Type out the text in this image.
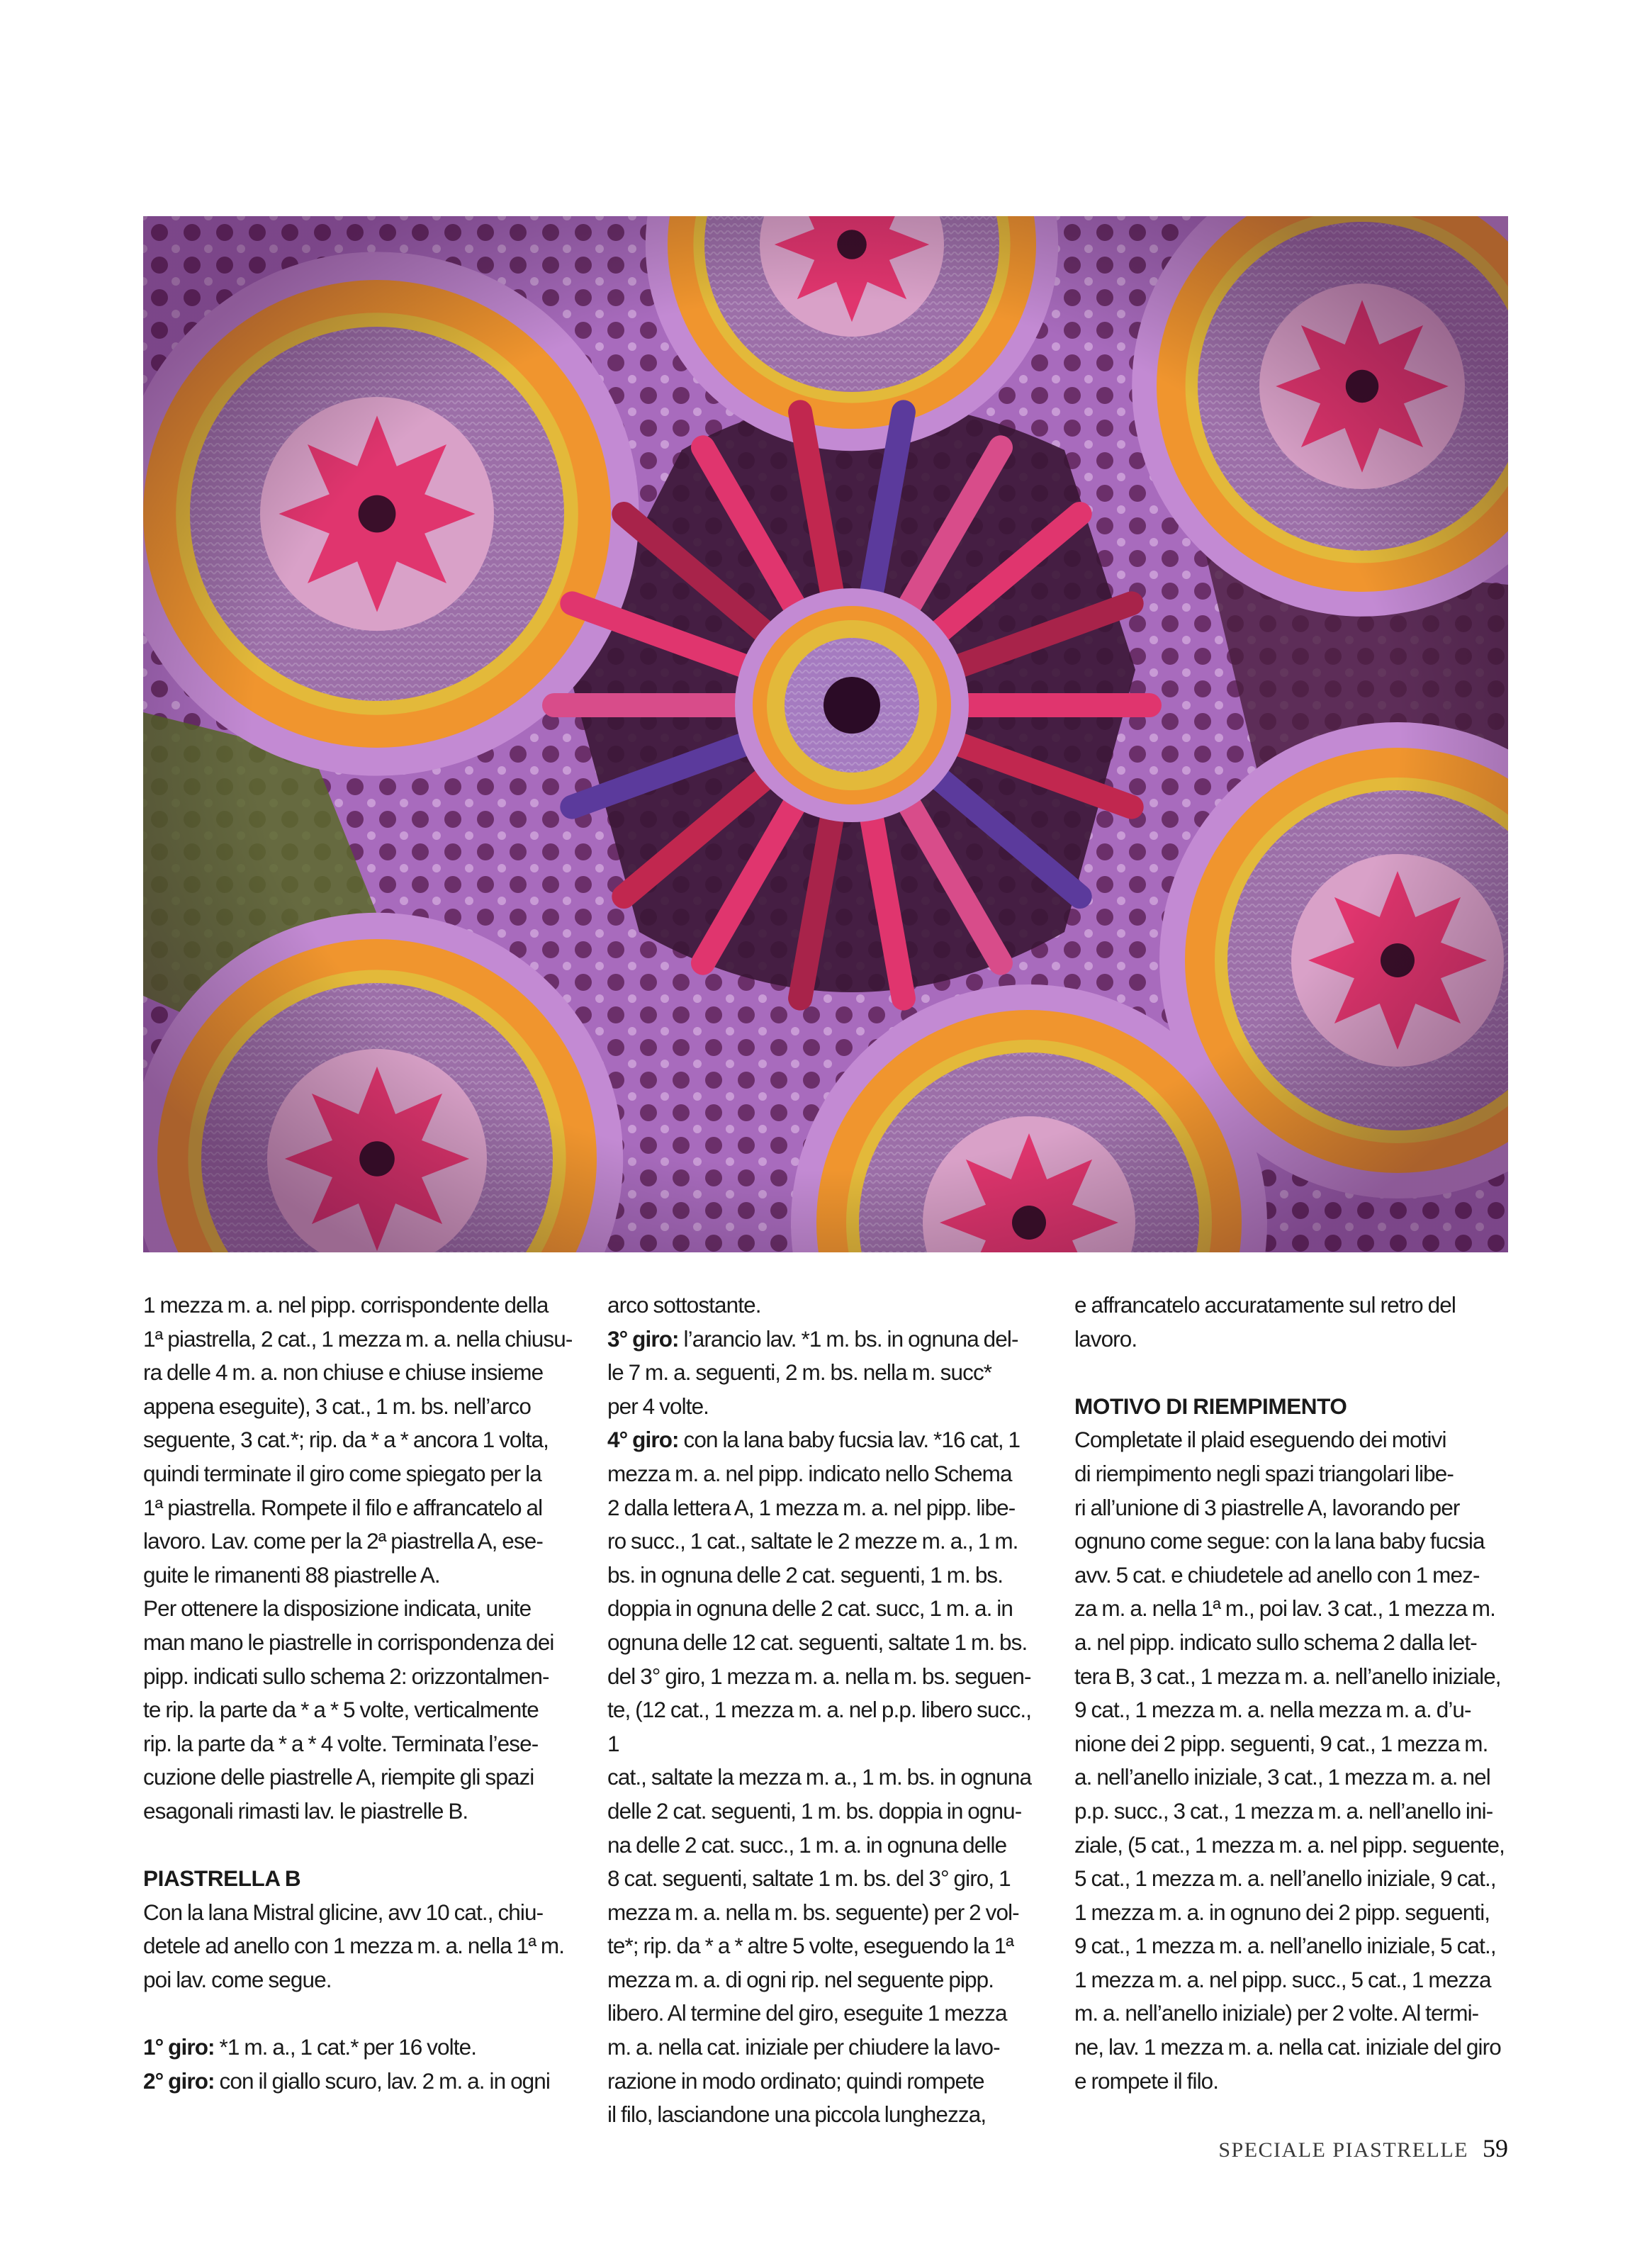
1 mezza m. a. nel pipp. corrispondente della

1ª piastrella, 2 cat., 1 mezza m. a. nella chiusu-

ra delle 4 m. a. non chiuse e chiuse insieme

appena eseguite), 3 cat., 1 m. bs. nell’arco

seguente, 3 cat.*; rip. da * a * ancora 1 volta,

quindi terminate il giro come spiegato per la

1ª piastrella. Rompete il filo e affrancatelo al

lavoro. Lav. come per la 2ª piastrella A, ese-

guite le rimanenti 88 piastrelle A.

Per ottenere la disposizione indicata, unite

man mano le piastrelle in corrispondenza dei

pipp. indicati sullo schema 2: orizzontalmen-

te rip. la parte da * a * 5 volte, verticalmente

rip. la parte da * a * 4 volte. Terminata l’ese-

cuzione delle piastrelle A, riempite gli spazi

esagonali rimasti lav. le piastrelle B.

PIASTRELLA B

Con la lana Mistral glicine, avv 10 cat., chiu-

detele ad anello con 1 mezza m. a. nella 1ª m.

poi lav. come segue.

1° giro: *1 m. a., 1 cat.* per 16 volte.

2° giro: con il giallo scuro, lav. 2 m. a. in ogni

arco sottostante.

3° giro: l’arancio lav. *1 m. bs. in ognuna del-

le 7 m. a. seguenti, 2 m. bs. nella m. succ*

per 4 volte.

4° giro: con la lana baby fucsia lav. *16 cat, 1

mezza m. a. nel pipp. indicato nello Schema

2 dalla lettera A, 1 mezza m. a. nel pipp. libe-

ro succ., 1 cat., saltate le 2 mezze m. a., 1 m.

bs. in ognuna delle 2 cat. seguenti, 1 m. bs.

doppia in ognuna delle 2 cat. succ, 1 m. a. in

ognuna delle 12 cat. seguenti, saltate 1 m. bs.

del 3° giro, 1 mezza m. a. nella m. bs. seguen-

te, (12 cat., 1 mezza m. a. nel p.p. libero succ., 1

cat., saltate la mezza m. a., 1 m. bs. in ognuna

delle 2 cat. seguenti, 1 m. bs. doppia in ognu-

na delle 2 cat. succ., 1 m. a. in ognuna delle

8 cat. seguenti, saltate 1 m. bs. del 3° giro, 1

mezza m. a. nella m. bs. seguente) per 2 vol-

te*; rip. da * a * altre 5 volte, eseguendo la 1ª

mezza m. a. di ogni rip. nel seguente pipp.

libero. Al termine del giro, eseguite 1 mezza

m. a. nella cat. iniziale per chiudere la lavo-

razione in modo ordinato; quindi rompete

il filo, lasciandone una piccola lunghezza,

e affrancatelo accuratamente sul retro del

lavoro.

MOTIVO DI RIEMPIMENTO

Completate il plaid eseguendo dei motivi

di riempimento negli spazi triangolari libe-

ri all’unione di 3 piastrelle A, lavorando per

ognuno come segue: con la lana baby fucsia

avv. 5 cat. e chiudetele ad anello con 1 mez-

za m. a. nella 1ª m., poi lav. 3 cat., 1 mezza m.

a. nel pipp. indicato sullo schema 2 dalla let-

tera B, 3 cat., 1 mezza m. a. nell’anello iniziale,

9 cat., 1 mezza m. a. nella mezza m. a. d’u-

nione dei 2 pipp. seguenti, 9 cat., 1 mezza m.

a. nell’anello iniziale, 3 cat., 1 mezza m. a. nel

p.p. succ., 3 cat., 1 mezza m. a. nell’anello ini-

ziale, (5 cat., 1 mezza m. a. nel pipp. seguente,

5 cat., 1 mezza m. a. nell’anello iniziale, 9 cat.,

1 mezza m. a. in ognuno dei 2 pipp. seguenti,

9 cat., 1 mezza m. a. nell’anello iniziale, 5 cat.,

1 mezza m. a. nel pipp. succ., 5 cat., 1 mezza

m. a. nell’anello iniziale) per 2 volte. Al termi-

ne, lav. 1 mezza m. a. nella cat. iniziale del giro

e rompete il filo.

SPECIALE PIASTRELLE 59
